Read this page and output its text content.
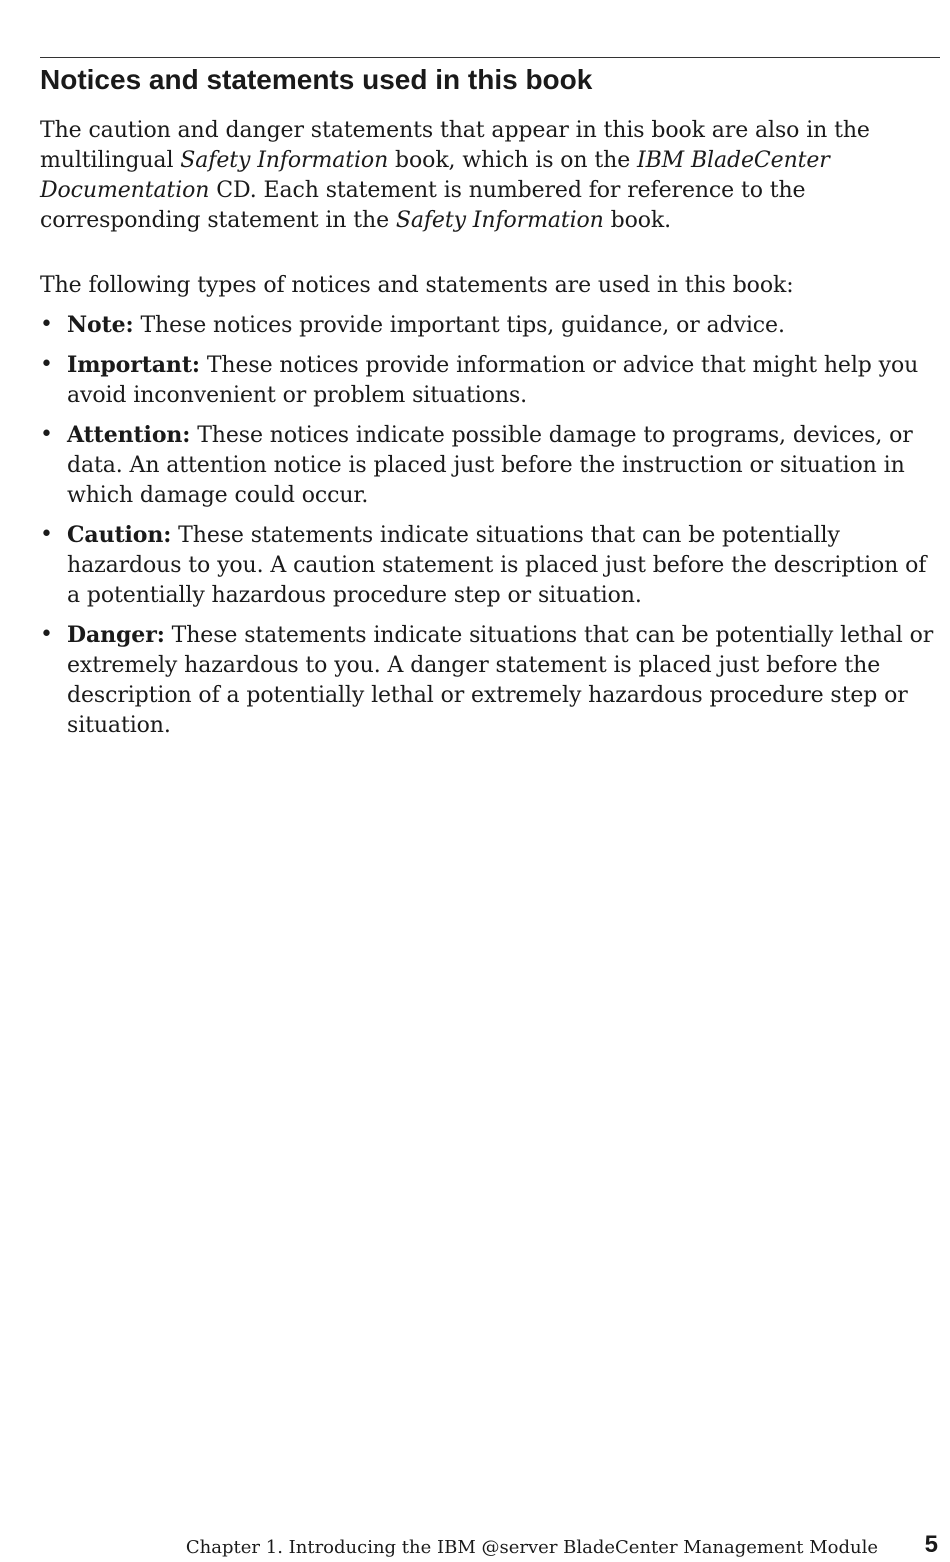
Notices and statements used in this book

The caution and danger statements that appear in this book are also in the multilingual Safety Information book, which is on the IBM BladeCenter Documentation CD. Each statement is numbered for reference to the corresponding statement in the Safety Information book.

The following types of notices and statements are used in this book:

• Note: These notices provide important tips, guidance, or advice.
• Important: These notices provide information or advice that might help you avoid inconvenient or problem situations.
• Attention: These notices indicate possible damage to programs, devices, or data. An attention notice is placed just before the instruction or situation in which damage could occur.
• Caution: These statements indicate situations that can be potentially hazardous to you. A caution statement is placed just before the description of a potentially hazardous procedure step or situation.
• Danger: These statements indicate situations that can be potentially lethal or extremely hazardous to you. A danger statement is placed just before the description of a potentially lethal or extremely hazardous procedure step or situation.
Chapter 1. Introducing the IBM @server BladeCenter Management Module 5
